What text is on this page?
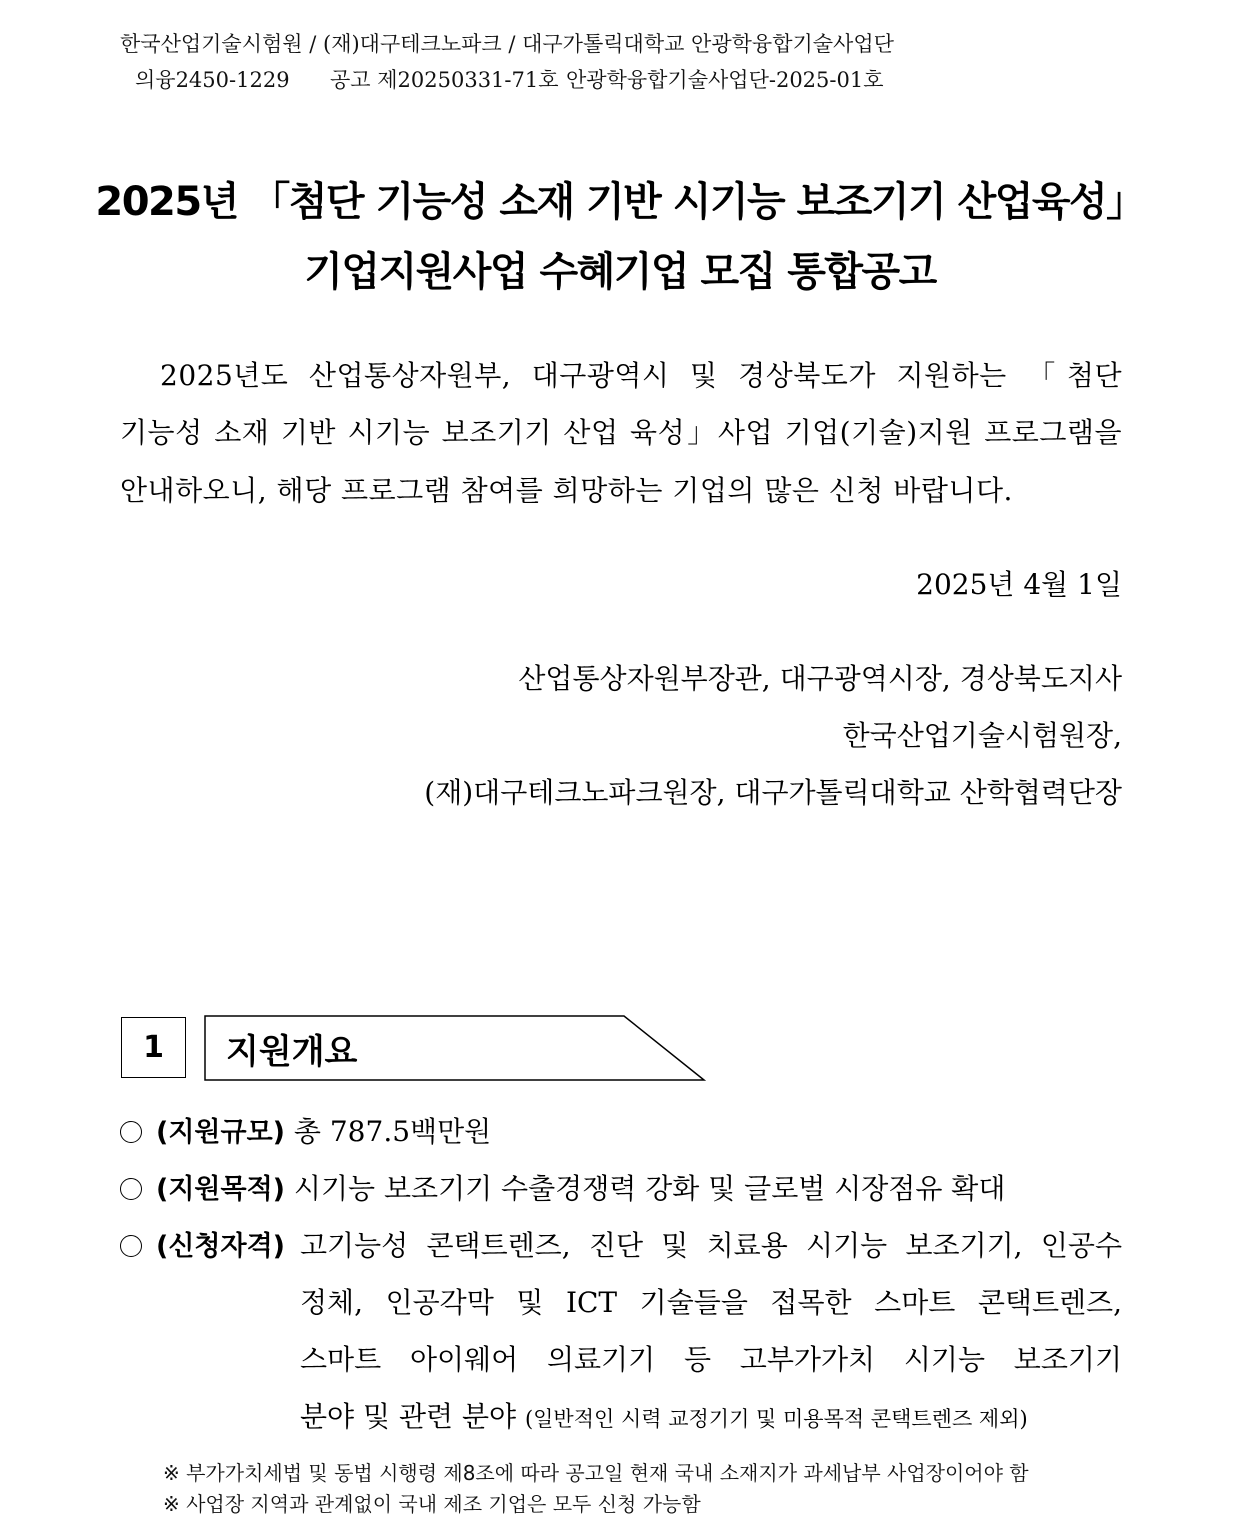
한국산업기술시험원 / (재)대구테크노파크 / 대구가톨릭대학교 안광학융합기술사업단
의융2450-1229 공고 제20250331-71호 안광학융합기술사업단-2025-01호
2025년 「첨단 기능성 소재 기반 시기능 보조기기 산업육성」
기업지원사업 수혜기업 모집 통합공고
2025년도 산업통상자원부, 대구광역시 및 경상북도가 지원하는 「첨단
기능성 소재 기반 시기능 보조기기 산업 육성」사업 기업(기술)지원 프로그램을
안내하오니, 해당 프로그램 참여를 희망하는 기업의 많은 신청 바랍니다.
2025년 4월 1일
산업통상자원부장관, 대구광역시장, 경상북도지사
한국산업기술시험원장,
(재)대구테크노파크원장, 대구가톨릭대학교 산학협력단장
1	지원개요
(지원규모) 총 787.5백만원
(지원목적) 시기능 보조기기 수출경쟁력 강화 및 글로벌 시장점유 확대
(신청자격) 고기능성 콘택트렌즈, 진단 및 치료용 시기능 보조기기, 인공수
정체, 인공각막 및 ICT 기술들을 접목한 스마트 콘택트렌즈,
스마트 아이웨어 의료기기 등 고부가가치 시기능 보조기기
분야 및 관련 분야 (일반적인 시력 교정기기 및 미용목적 콘택트렌즈 제외)
※ 부가가치세법 및 동법 시행령 제8조에 따라 공고일 현재 국내 소재지가 과세납부 사업장이어야 함
※ 사업장 지역과 관계없이 국내 제조 기업은 모두 신청 가능함
